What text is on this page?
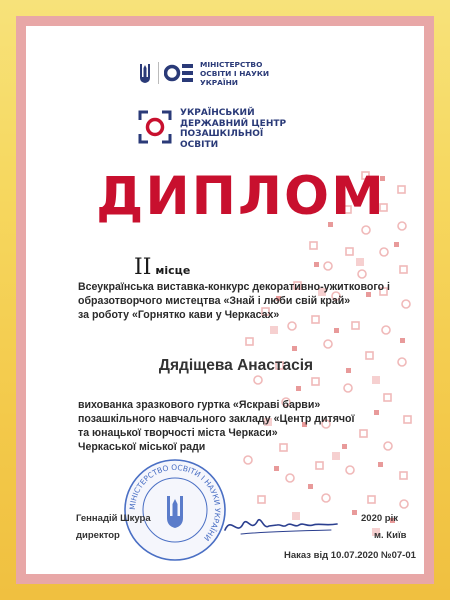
МІНІСТЕРСТВО
ОСВІТИ І НАУКИ
УКРАЇНИ
УКРАЇНСЬКИЙ
ДЕРЖАВНИЙ ЦЕНТР
ПОЗАШКІЛЬНОЇ
ОСВІТИ
ДИПЛОМ
II місце
Всеукраїнська виставка-конкурс декоративно-ужиткового і
образотворчого мистецтва «Знай і люби свій край»
за роботу «Горнятко кави у Черкасах»
Дядіщева Анастасія
вихованка зразкового гуртка «Яскраві барви»
позашкільного навчального закладу «Центр дитячої
та юнацької творчості міста Черкаси»
Черкаської міської ради
МІНІСТЕРСТВО ОСВІТИ І НАУКИ УКРАЇНИ
Геннадій Шкура
директор
2020 рік
м. Київ
Наказ від 10.07.2020 №07-01
